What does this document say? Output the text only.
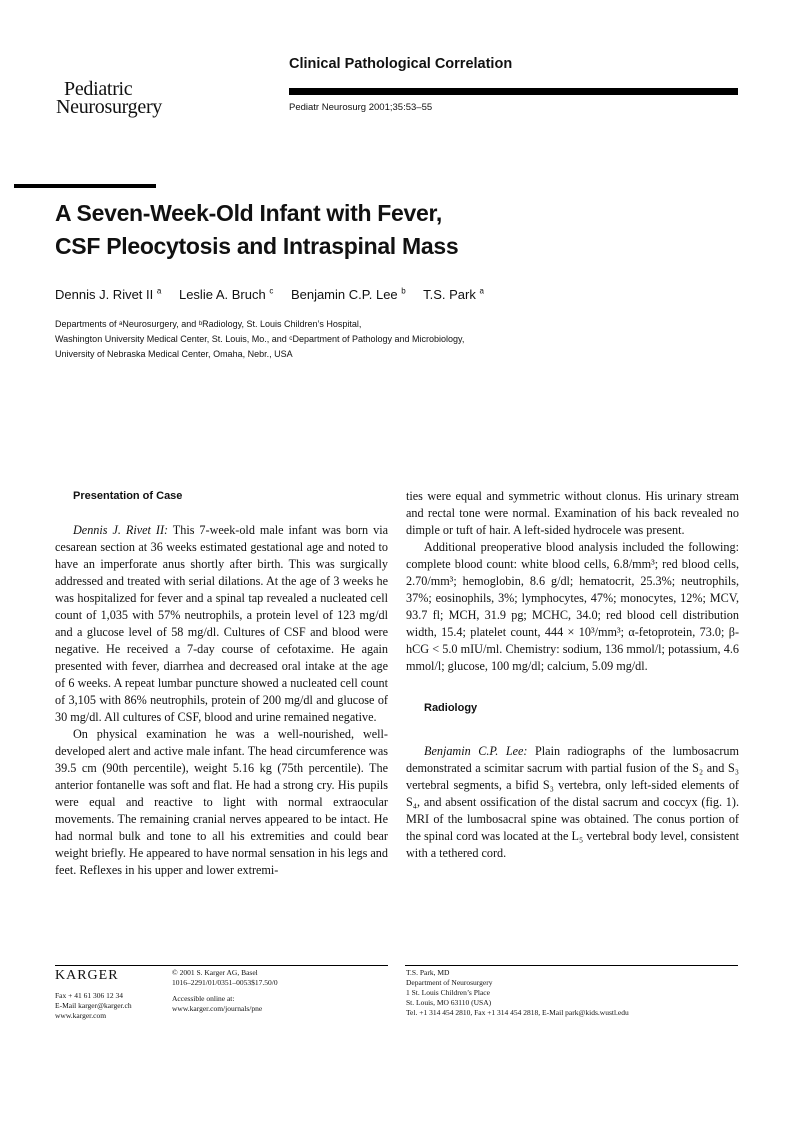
Pediatric
Neurosurgery
Clinical Pathological Correlation
Pediatr Neurosurg 2001;35:53–55
A Seven-Week-Old Infant with Fever,
CSF Pleocytosis and Intraspinal Mass
Dennis J. Rivet II $^a$ Leslie A. Bruch $^c$ Benjamin C.P. Lee $^b$ T.S. Park $^a$
Departments of ᵃNeurosurgery, and ᵇRadiology, St. Louis Children’s Hospital,
Washington University Medical Center, St. Louis, Mo., and ᶜDepartment of Pathology and Microbiology,
University of Nebraska Medical Center, Omaha, Nebr., USA
Presentation of Case

Dennis J. Rivet II: This 7-week-old male infant was born via cesarean section at 36 weeks estimated gestational age and noted to have an imperforate anus shortly after birth. This was surgically addressed and treated with serial dilations. At the age of 3 weeks he was hospitalized for fever and a spinal tap revealed a nucleated cell count of 1,035 with 57% neutrophils, a protein level of 123 mg/dl and a glucose level of 58 mg/dl. Cultures of CSF and blood were negative. He received a 7-day course of cefotaxime. He again presented with fever, diarrhea and decreased oral intake at the age of 6 weeks. A repeat lumbar puncture showed a nucleated cell count of 3,105 with 86% neutrophils, protein of 200 mg/dl and glucose of 30 mg/dl. All cultures of CSF, blood and urine remained negative.

On physical examination he was a well-nourished, well-developed alert and active male infant. The head circumference was 39.5 cm (90th percentile), weight 5.16 kg (75th percentile). The anterior fontanelle was soft and flat. He had a strong cry. His pupils were equal and reactive to light with normal extraocular movements. The remaining cranial nerves appeared to be intact. He had normal bulk and tone to all his extremities and could bear weight briefly. He appeared to have normal sensation in his legs and feet. Reflexes in his upper and lower extremi-

ties were equal and symmetric without clonus. His urinary stream and rectal tone were normal. Examination of his back revealed no dimple or tuft of hair. A left-sided hydrocele was present.

Additional preoperative blood analysis included the following: complete blood count: white blood cells, 6.8/mm³; red blood cells, 2.70/mm³; hemoglobin, 8.6 g/dl; hematocrit, 25.3%; neutrophils, 37%; eosinophils, 3%; lymphocytes, 47%; monocytes, 12%; MCV, 93.7 fl; MCH, 31.9 pg; MCHC, 34.0; red blood cell distribution width, 15.4; platelet count, 444 × 10³/mm³; α-fetoprotein, 73.0; β-hCG < 5.0 mIU/ml. Chemistry: sodium, 136 mmol/l; potassium, 4.6 mmol/l; glucose, 100 mg/dl; calcium, 5.09 mg/dl.

Radiology

Benjamin C.P. Lee: Plain radiographs of the lumbosacrum demonstrated a scimitar sacrum with partial fusion of the S₂ and S₃ vertebral segments, a bifid S₃ vertebra, only left-sided elements of S₄, and absent ossification of the distal sacrum and coccyx (fig. 1). MRI of the lumbosacral spine was obtained. The conus portion of the spinal cord was located at the L₅ vertebral body level, consistent with a tethered cord.

KARGER
Fax + 41 61 306 12 34
E-Mail karger@karger.ch
www.karger.com
© 2001 S. Karger AG, Basel
1016–2291/01/0351–0053$17.50/0
Accessible online at:
www.karger.com/journals/pne
T.S. Park, MD
Department of Neurosurgery
1 St. Louis Children’s Place
St. Louis, MO 63110 (USA)
Tel. +1 314 454 2810, Fax +1 314 454 2818, E-Mail park@kids.wustl.edu
